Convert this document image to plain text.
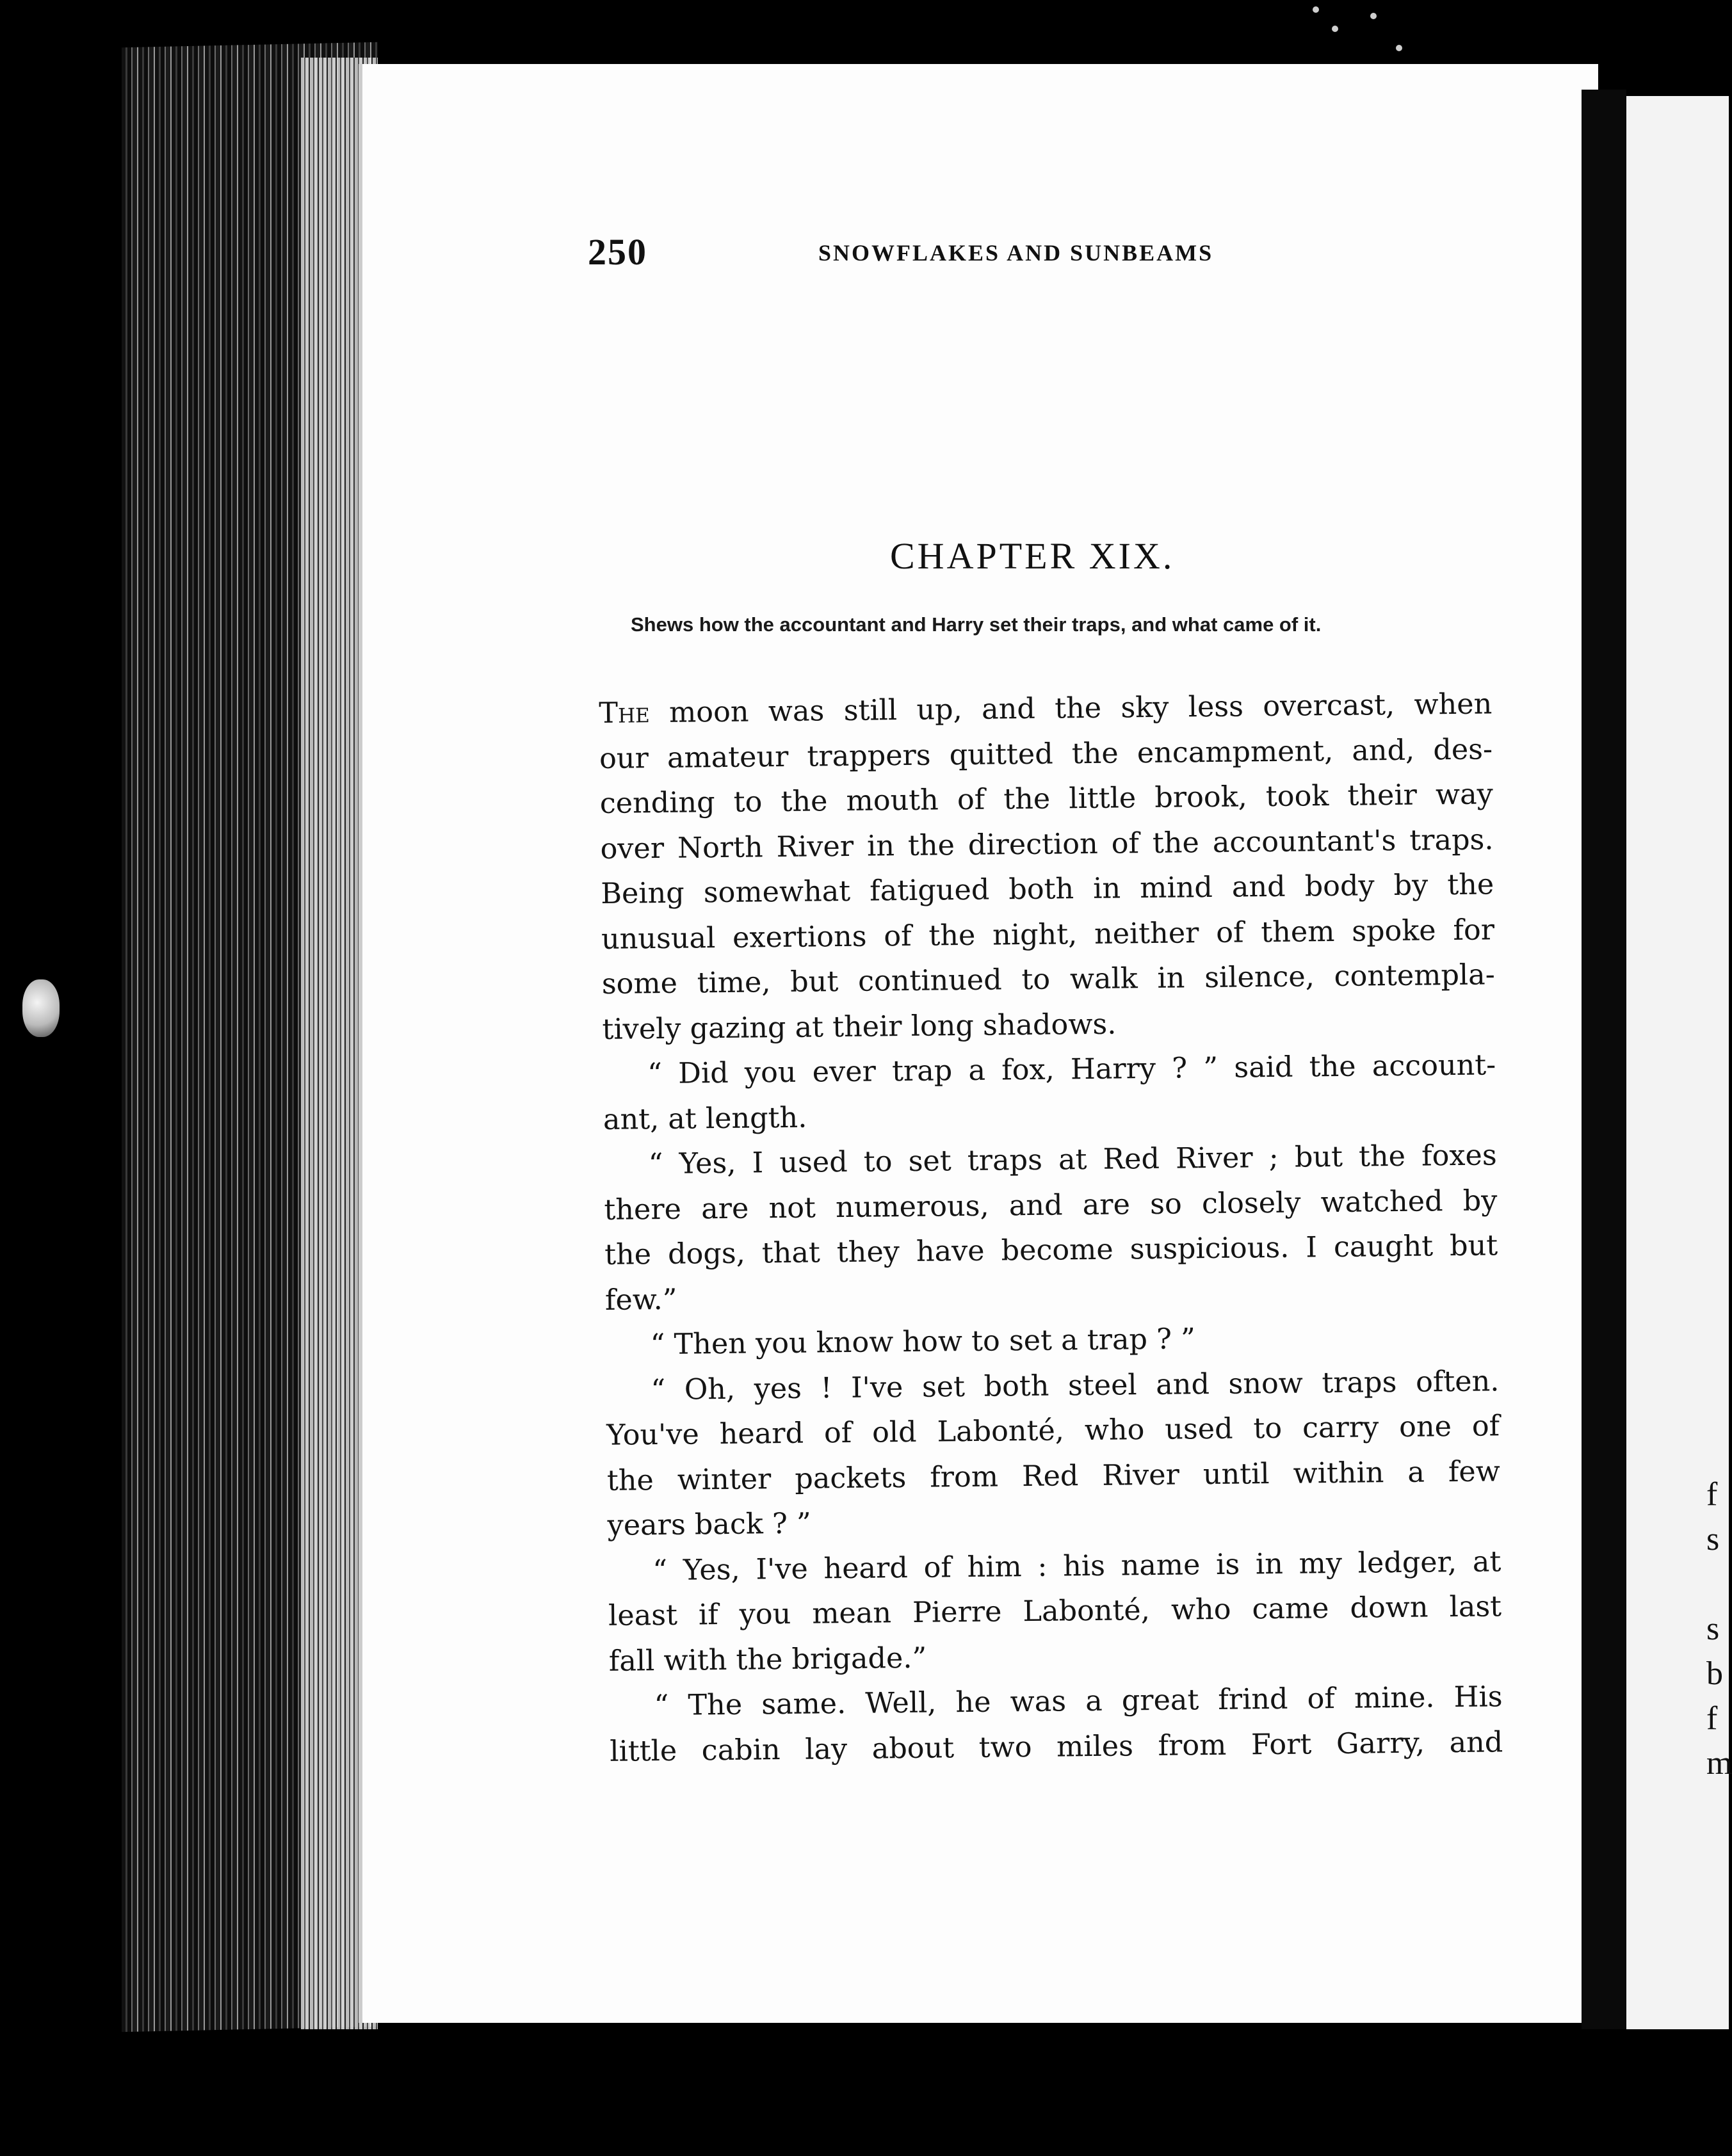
f
s
s
b
f
m
250	SNOWFLAKES AND SUNBEAMS
CHAPTER XIX.
Shews how the accountant and Harry set their traps, and what came of it.
The moon was still up, and the sky less overcast, when
our amateur trappers quitted the encampment, and, des-
cending to the mouth of the little brook, took their way
over North River in the direction of the accountant's traps.
Being somewhat fatigued both in mind and body by the
unusual exertions of the night, neither of them spoke for
some time, but continued to walk in silence, contempla-
tively gazing at their long shadows.
“ Did you ever trap a fox, Harry ? ” said the account-
ant, at length.
“ Yes, I used to set traps at Red River ; but the foxes
there are not numerous, and are so closely watched by
the dogs, that they have become suspicious. I caught but
few.”
“ Then you know how to set a trap ? ”
“ Oh, yes ! I've set both steel and snow traps often.
You've heard of old Labonté, who used to carry one of
the winter packets from Red River until within a few
years back ? ”
“ Yes, I've heard of him : his name is in my ledger, at
least if you mean Pierre Labonté, who came down last
fall with the brigade.”
“ The same. Well, he was a great frind of mine. His
little cabin lay about two miles from Fort Garry, and
